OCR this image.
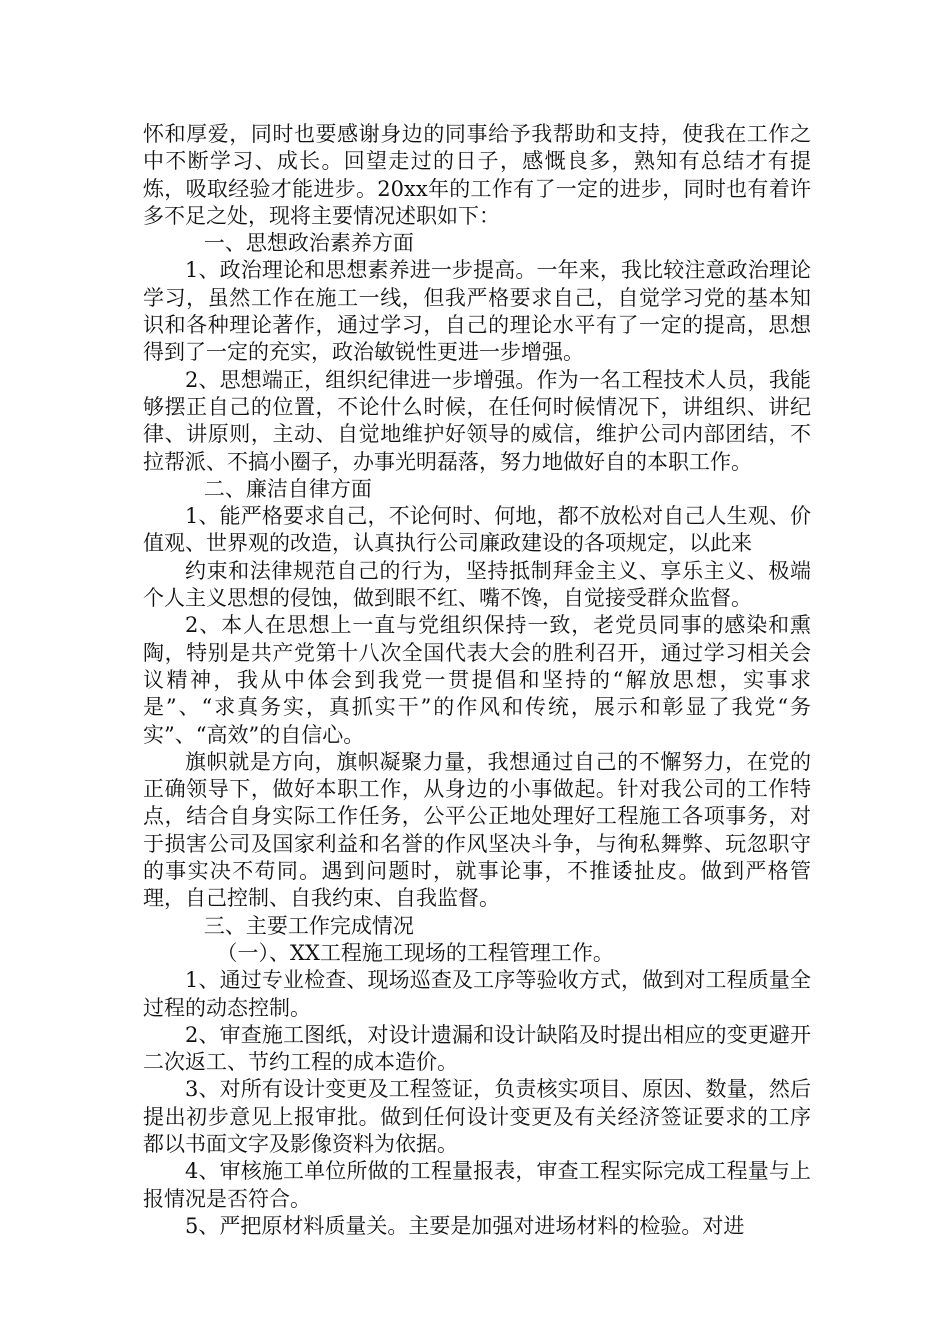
怀和厚爱，同时也要感谢身边的同事给予我帮助和支持，使我在工作之中不断学习、成长。回望走过的日子，感慨良多，熟知有总结才有提炼，吸取经验才能进步。20xx年的工作有了一定的进步，同时也有着许多不足之处，现将主要情况述职如下：

一、思想政治素养方面

1、政治理论和思想素养进一步提高。一年来，我比较注意政治理论学习，虽然工作在施工一线，但我严格要求自己，自觉学习党的基本知识和各种理论著作，通过学习，自己的理论水平有了一定的提高，思想得到了一定的充实，政治敏锐性更进一步增强。

2、思想端正，组织纪律进一步增强。作为一名工程技术人员，我能够摆正自己的位置，不论什么时候，在任何时候情况下，讲组织、讲纪律、讲原则，主动、自觉地维护好领导的威信，维护公司内部团结，不拉帮派、不搞小圈子，办事光明磊落，努力地做好自的本职工作。

二、廉洁自律方面

1、能严格要求自己，不论何时、何地，都不放松对自己人生观、价值观、世界观的改造，认真执行公司廉政建设的各项规定，以此来

约束和法律规范自己的行为，坚持抵制拜金主义、享乐主义、极端个人主义思想的侵蚀，做到眼不红、嘴不馋，自觉接受群众监督。

2、本人在思想上一直与党组织保持一致，老党员同事的感染和熏陶，特别是共产党第十八次全国代表大会的胜利召开，通过学习相关会议精神，我从中体会到我党一贯提倡和坚持的“解放思想，实事求是”、“求真务实，真抓实干”的作风和传统，展示和彰显了我党“务实”、“高效”的自信心。

旗帜就是方向，旗帜凝聚力量，我想通过自己的不懈努力，在党的正确领导下，做好本职工作，从身边的小事做起。针对我公司的工作特点，结合自身实际工作任务，公平公正地处理好工程施工各项事务，对于损害公司及国家利益和名誉的作风坚决斗争，与徇私舞弊、玩忽职守的事实决不苟同。遇到问题时，就事论事，不推诿扯皮。做到严格管理，自己控制、自我约束、自我监督。

三、主要工作完成情况

（一）、XX工程施工现场的工程管理工作。

1、通过专业检查、现场巡查及工序等验收方式，做到对工程质量全过程的动态控制。

2、审查施工图纸，对设计遗漏和设计缺陷及时提出相应的变更避开二次返工、节约工程的成本造价。

3、对所有设计变更及工程签证，负责核实项目、原因、数量，然后提出初步意见上报审批。做到任何设计变更及有关经济签证要求的工序都以书面文字及影像资料为依据。

4、审核施工单位所做的工程量报表，审查工程实际完成工程量与上报情况是否符合。

5、严把原材料质量关。主要是加强对进场材料的检验。对进
